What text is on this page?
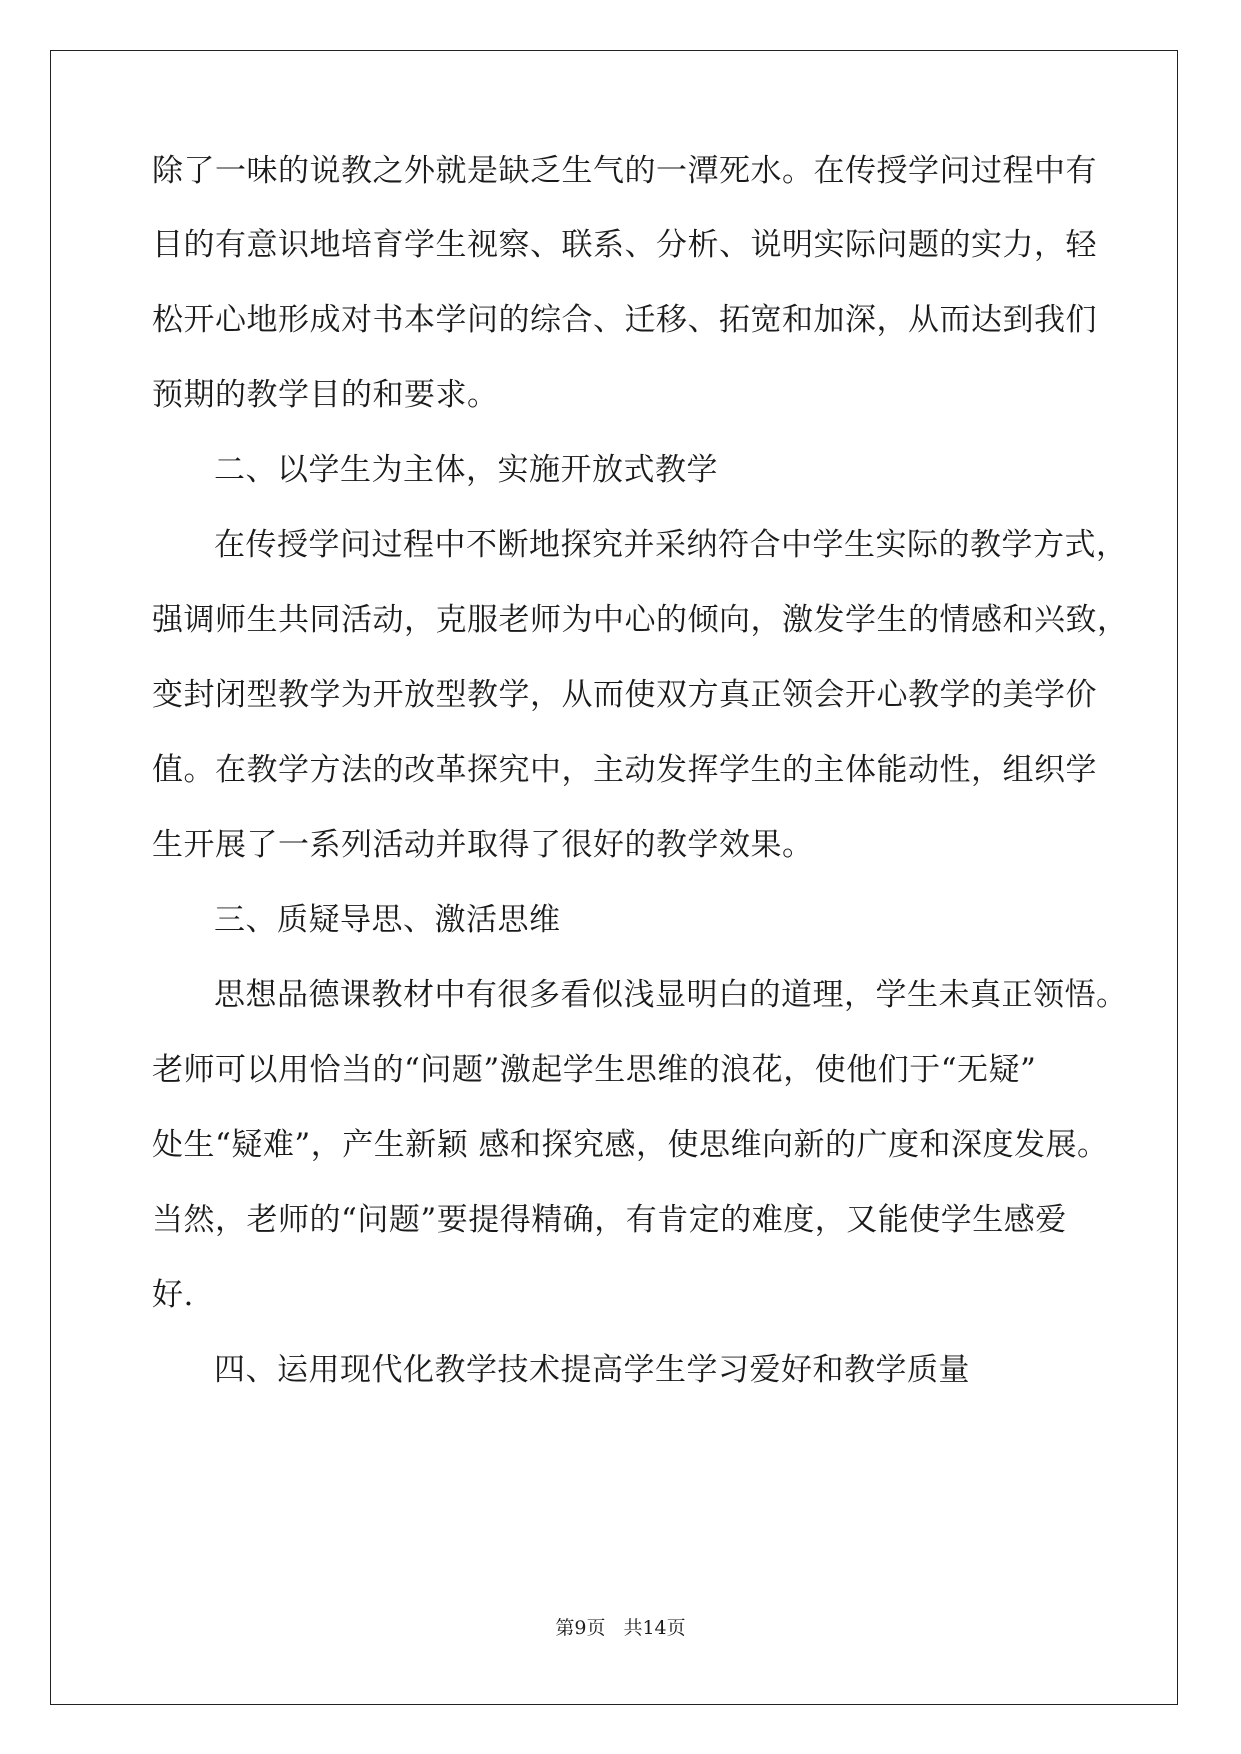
除了一味的说教之外就是缺乏生气的一潭死水。在传授学问过程中有
目的有意识地培育学生视察、联系、分析、说明实际问题的实力，轻
松开心地形成对书本学问的综合、迁移、拓宽和加深，从而达到我们
预期的教学目的和要求。
二、以学生为主体，实施开放式教学
在传授学问过程中不断地探究并采纳符合中学生实际的教学方式，
强调师生共同活动，克服老师为中心的倾向，激发学生的情感和兴致，
变封闭型教学为开放型教学，从而使双方真正领会开心教学的美学价
值。在教学方法的改革探究中，主动发挥学生的主体能动性，组织学
生开展了一系列活动并取得了很好的教学效果。
三、质疑导思、激活思维
思想品德课教材中有很多看似浅显明白的道理，学生未真正领悟。
老师可以用恰当的“问题”激起学生思维的浪花，使他们于“无疑”
处生“疑难”，产生新颖 感和探究感，使思维向新的广度和深度发展。
当然，老师的“问题”要提得精确，有肯定的难度，又能使学生感爱
好.
四、运用现代化教学技术提高学生学习爱好和教学质量
第9页 共14页
